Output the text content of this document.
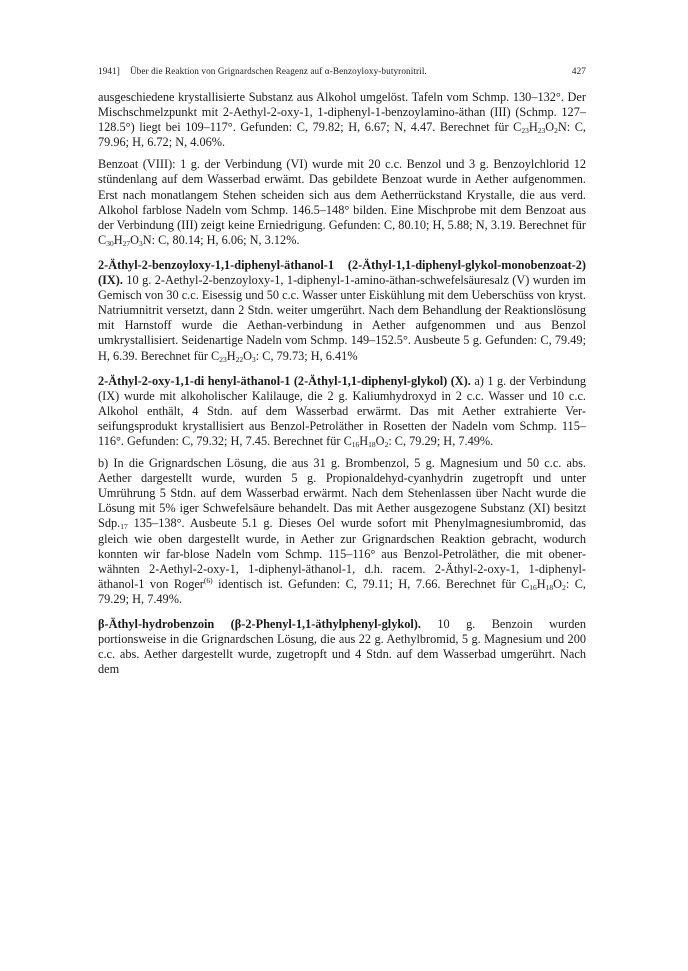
1941] Über die Reaktion von Grignardschen Reagenz auf α-Benzoyloxy-butyronitril.	427

ausgeschiedene krystallisierte Substanz aus Alkohol umgelöst. Tafeln vom Schmp. 130–132°. Der Mischschmelzpunkt mit 2-Aethyl-2-oxy-1, 1-diphenyl-1-benzoylamino-äthan (III) (Schmp. 127–128.5°) liegt bei 109–117°. Gefunden: C, 79.82; H, 6.67; N, 4.47. Berechnet für $C_{23}H_{23}O_2N$: C, 79.96; H, 6.72; N, 4.06%.

Benzoat (VIII): 1 g. der Verbindung (VI) wurde mit 20 c.c. Benzol und 3 g. Benzoylchlorid 12 stündenlang auf dem Wasserbad erwämt. Das gebildete Benzoat wurde in Aether aufgenommen. Erst nach monatlangem Stehen scheiden sich aus dem Aetherrückstand Krystalle, die aus verd. Alkohol farblose Nadeln vom Schmp. 146.5–148° bilden. Eine Mischprobe mit dem Benzoat aus der Verbindung (III) zeigt keine Erniedrigung. Gefunden: C, 80.10; H, 5.88; N, 3.19. Berechnet für $C_{30}H_{27}O_3N$: C, 80.14; H, 6.06; N, 3.12%.

2-Äthyl-2-benzoyloxy-1,1-diphenyl-äthanol-1 (2-Äthyl-1,1-diphenyl-glykol-monobenzoat-2) (IX). 10 g. 2-Aethyl-2-benzoyloxy-1, 1-diphenyl-1-amino-äthan-schwefelsäuresalz (V) wurden im Gemisch von 30 c.c. Eisessig und 50 c.c. Wasser unter Eiskühlung mit dem Ueberschüss von kryst. Natriumnitrit versetzt, dann 2 Stdn. weiter umgerührt. Nach dem Behandlung der Reaktionslösung mit Harnstoff wurde die Aethan-verbindung in Aether aufgenommen und aus Benzol umkrystallisiert. Seidenartige Nadeln vom Schmp. 149–152.5°. Ausbeute 5 g. Gefunden: C, 79.49; H, 6.39. Berechnet für $C_{23}H_{22}O_3$: C, 79.73; H, 6.41%

2-Äthyl-2-oxy-1,1-di henyl-äthanol-1 (2-Äthyl-1,1-diphenyl-glykol) (X). a) 1 g. der Verbindung (IX) wurde mit alkoholischer Kalilauge, die 2 g. Kaliumhydroxyd in 2 c.c. Wasser und 10 c.c. Alkohol enthält, 4 Stdn. auf dem Wasserbad erwärmt. Das mit Aether extrahierte Ver-seifungsprodukt krystallisiert aus Benzol-Petroläther in Rosetten der Nadeln vom Schmp. 115–116°. Gefunden: C, 79.32; H, 7.45. Berechnet für $C_{16}H_{18}O_2$: C, 79.29; H, 7.49%.

b) In die Grignardschen Lösung, die aus 31 g. Brombenzol, 5 g. Magnesium und 50 c.c. abs. Aether dargestellt wurde, wurden 5 g. Propionaldehyd-cyanhydrin zugetropft und unter Umrührung 5 Stdn. auf dem Wasserbad erwärmt. Nach dem Stehenlassen über Nacht wurde die Lösung mit 5% iger Schwefelsäure behandelt. Das mit Aether ausgezogene Substanz (XI) besitzt $Sdp._{17}$ 135–138°. Ausbeute 5.1 g. Dieses Oel wurde sofort mit Phenylmagnesiumbromid, das gleich wie oben dargestellt wurde, in Aether zur Grignardschen Reaktion gebracht, wodurch konnten wir far-blose Nadeln vom Schmp. 115–116° aus Benzol-Petroläther, die mit obener-wähnten 2-Aethyl-2-oxy-1, 1-diphenyl-äthanol-1, d.h. racem. 2-Äthyl-2-oxy-1, 1-diphenyl-äthanol-1 von Roger$^{(6)}$ identisch ist. Gefunden: C, 79.11; H, 7.66. Berechnet für $C_{16}H_{18}O_2$: C, 79.29; H, 7.49%.

β-Äthyl-hydrobenzoin (β-2-Phenyl-1,1-äthylphenyl-glykol). 10 g. Benzoin wurden portionsweise in die Grignardschen Lösung, die aus 22 g. Aethylbromid, 5 g. Magnesium und 200 c.c. abs. Aether dargestellt wurde, zugetropft und 4 Stdn. auf dem Wasserbad umgerührt. Nach dem
